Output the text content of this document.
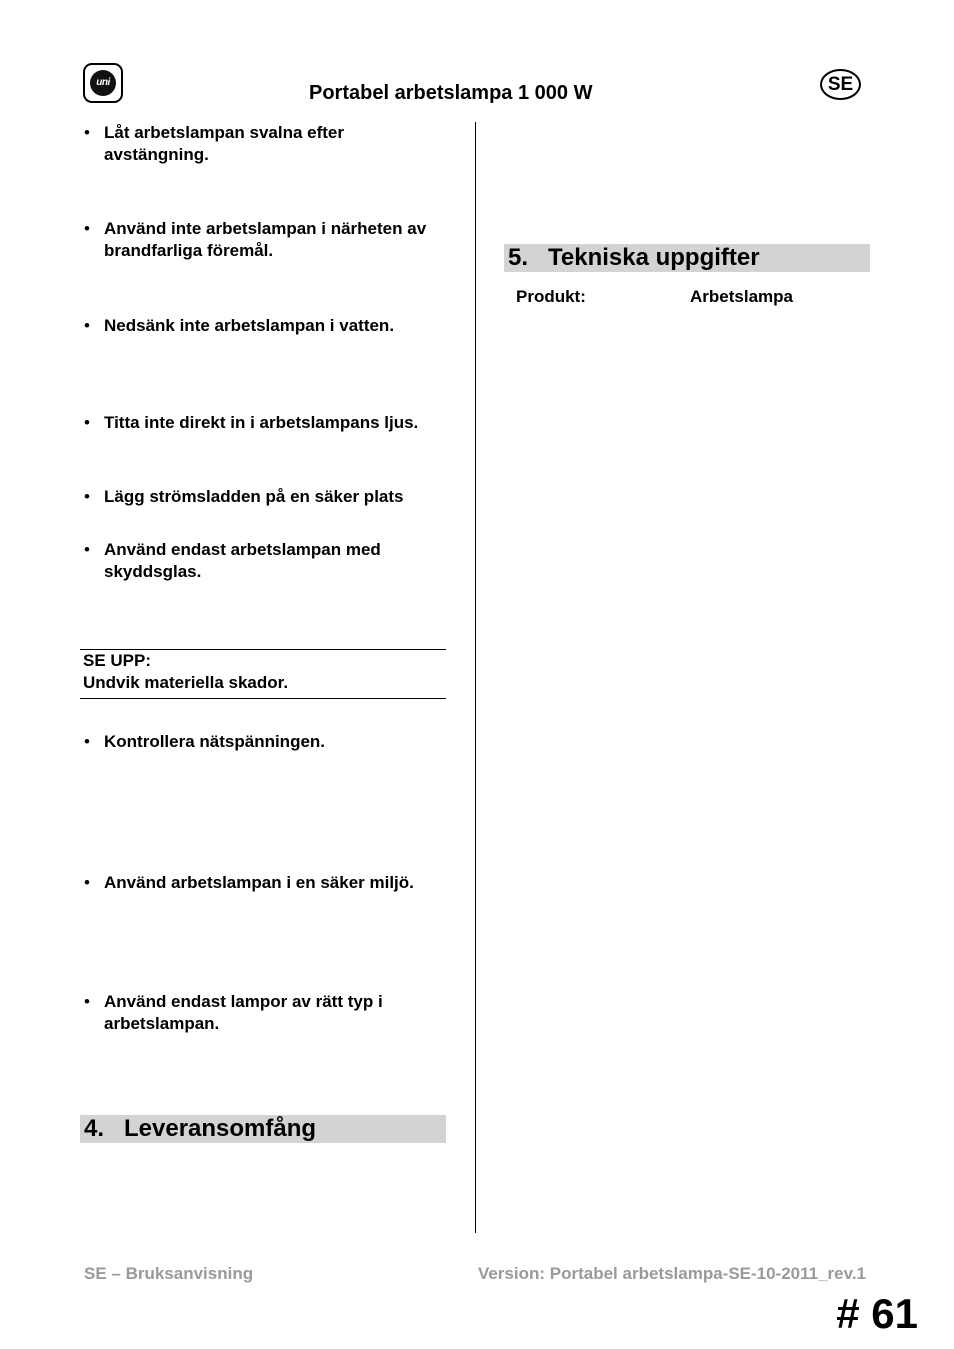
uni	Portabel arbetslampa 1 000 W	SE
• Låt arbetslampan svalna efter avstängning.
• Använd inte arbetslampan i närheten av brandfarliga föremål.
• Nedsänk inte arbetslampan i vatten.
• Titta inte direkt in i arbetslampans ljus.
• Lägg strömsladden på en säker plats
• Använd endast arbetslampan med skyddsglas.
SE UPP:
Undvik materiella skador.
• Kontrollera nätspänningen.
• Använd arbetslampan i en säker miljö.
• Använd endast lampor av rätt typ i arbetslampan.
4. Leveransomfång
5. Tekniska uppgifter
Produkt:	Arbetslampa
SE – Bruksanvisning	Version: Portabel arbetslampa-SE-10-2011_rev.1
# 61
